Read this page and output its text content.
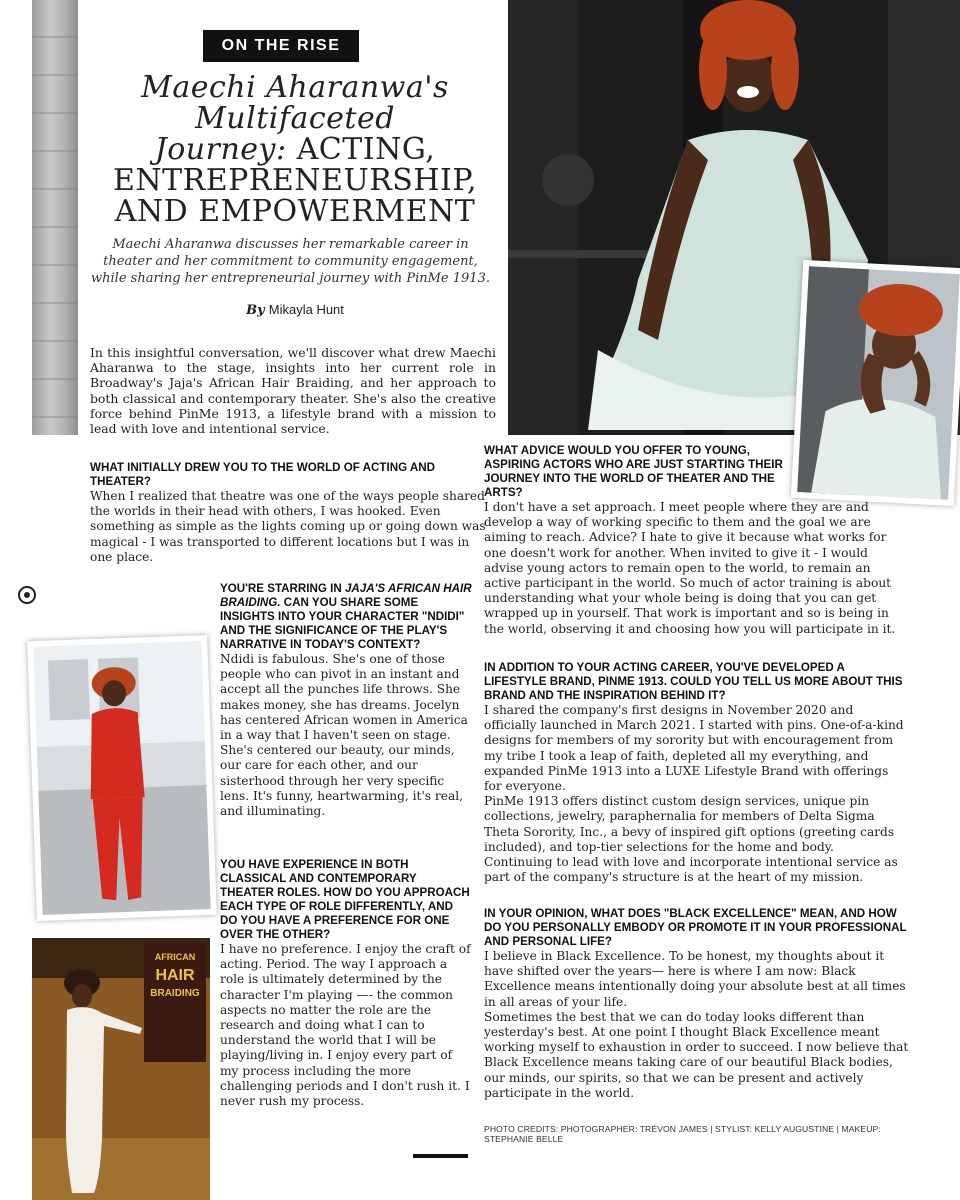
ON THE RISE
Maechi Aharanwa's
Multifaceted
Journey: ACTING,
ENTREPRENEURSHIP,
AND EMPOWERMENT
Maechi Aharanwa discusses her remarkable career in theater and her commitment to community engagement, while sharing her entrepreneurial journey with PinMe 1913.
By Mikayla Hunt
In this insightful conversation, we'll discover what drew Maechi Aharanwa to the stage, insights into her current role in Broadway's Jaja's African Hair Braiding, and her approach to both classical and contemporary theater. She's also the creative force behind PinMe 1913, a lifestyle brand with a mission to lead with love and intentional service.

WHAT INITIALLY DREW YOU TO THE WORLD OF ACTING AND THEATER?

When I realized that theatre was one of the ways people shared the worlds in their head with others, I was hooked. Even something as simple as the lights coming up or going down was magical - I was transported to different locations but I was in one place.

YOU'RE STARRING IN JAJA'S AFRICAN HAIR BRAIDING. CAN YOU SHARE SOME INSIGHTS INTO YOUR CHARACTER "NDIDI" AND THE SIGNIFICANCE OF THE PLAY'S NARRATIVE IN TODAY'S CONTEXT?

Ndidi is fabulous. She's one of those people who can pivot in an instant and accept all the punches life throws. She makes money, she has dreams. Jocelyn has centered African women in America in a way that I haven't seen on stage. She's centered our beauty, our minds, our care for each other, and our sisterhood through her very specific lens. It's funny, heartwarming, it's real, and illuminating.

YOU HAVE EXPERIENCE IN BOTH CLASSICAL AND CONTEMPORARY THEATER ROLES. HOW DO YOU APPROACH EACH TYPE OF ROLE DIFFERENTLY, AND DO YOU HAVE A PREFERENCE FOR ONE OVER THE OTHER?

I have no preference. I enjoy the craft of acting. Period. The way I approach a role is ultimately determined by the character I'm playing —- the common aspects no matter the role are the research and doing what I can to understand the world that I will be playing/living in. I enjoy every part of my process including the more challenging periods and I don't rush it. I never rush my process.

WHAT ADVICE WOULD YOU OFFER TO YOUNG, ASPIRING ACTORS WHO ARE JUST STARTING THEIR JOURNEY INTO THE WORLD OF THEATER AND THE ARTS?

I don't have a set approach. I meet people where they are and develop a way of working specific to them and the goal we are aiming to reach. Advice? I hate to give it because what works for one doesn't work for another. When invited to give it - I would advise young actors to remain open to the world, to remain an active participant in the world. So much of actor training is about understanding what your whole being is doing that you can get wrapped up in yourself. That work is important and so is being in the world, observing it and choosing how you will participate in it.

IN ADDITION TO YOUR ACTING CAREER, YOU'VE DEVELOPED A LIFESTYLE BRAND, PINME 1913. COULD YOU TELL US MORE ABOUT THIS BRAND AND THE INSPIRATION BEHIND IT?

I shared the company's first designs in November 2020 and officially launched in March 2021. I started with pins. One-of-a-kind designs for members of my sorority but with encouragement from my tribe I took a leap of faith, depleted all my everything, and expanded PinMe 1913 into a LUXE Lifestyle Brand with offerings for everyone.

PinMe 1913 offers distinct custom design services, unique pin collections, jewelry, paraphernalia for members of Delta Sigma Theta Sorority, Inc., a bevy of inspired gift options (greeting cards included), and top-tier selections for the home and body.

Continuing to lead with love and incorporate intentional service as part of the company's structure is at the heart of my mission.

IN YOUR OPINION, WHAT DOES "BLACK EXCELLENCE" MEAN, AND HOW DO YOU PERSONALLY EMBODY OR PROMOTE IT IN YOUR PROFESSIONAL AND PERSONAL LIFE?

I believe in Black Excellence. To be honest, my thoughts about it have shifted over the years— here is where I am now: Black Excellence means intentionally doing your absolute best at all times in all areas of your life.

Sometimes the best that we can do today looks different than yesterday's best. At one point I thought Black Excellence meant working myself to exhaustion in order to succeed. I now believe that Black Excellence means taking care of our beautiful Black bodies, our minds, our spirits, so that we can be present and actively participate in the world.

PHOTO CREDITS: PHOTOGRAPHER: TRÉVON JAMES | STYLIST: KELLY AUGUSTINE | MAKEUP: STEPHANIE BELLE
AFRICAN
HAIR
BRAIDING
